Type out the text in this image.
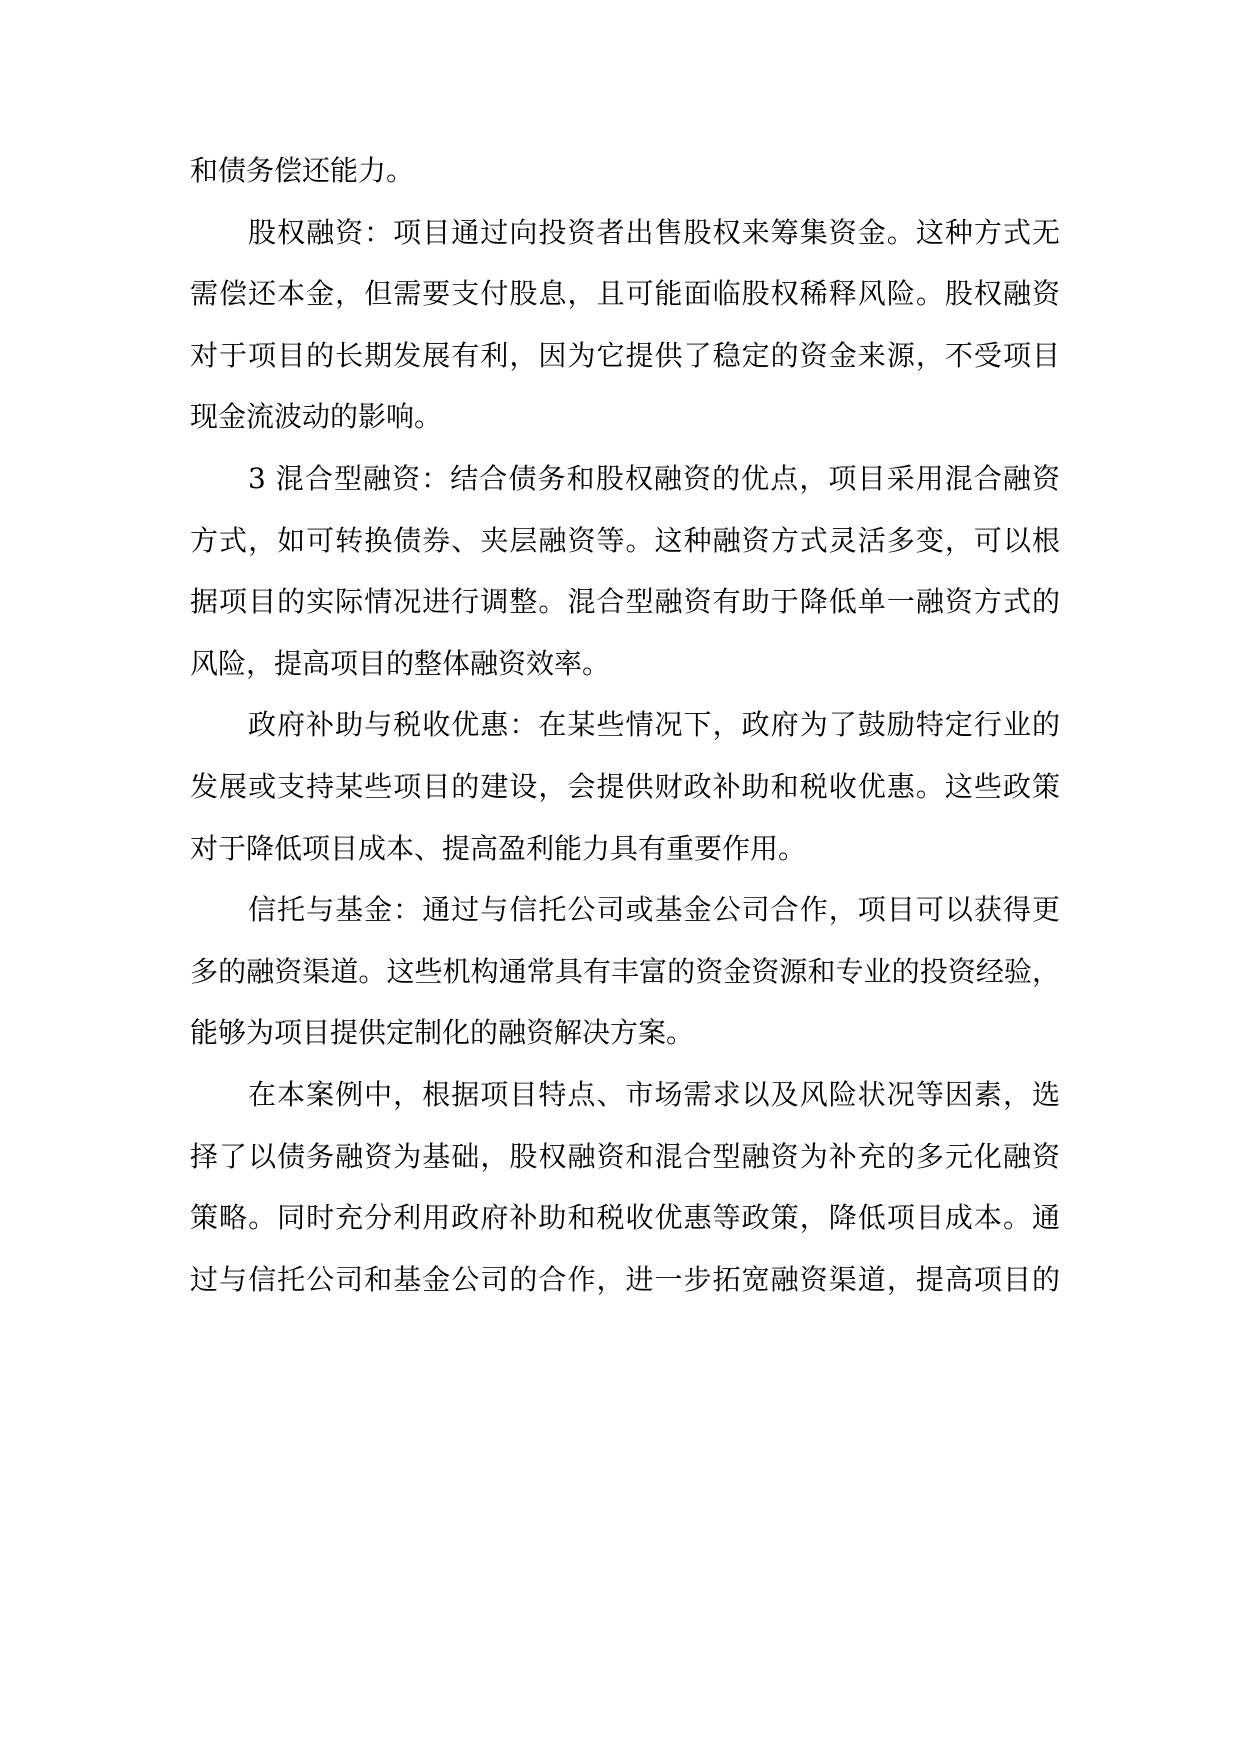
和债务偿还能力。
股权融资：项目通过向投资者出售股权来筹集资金。这种方式无
需偿还本金，但需要支付股息，且可能面临股权稀释风险。股权融资
对于项目的长期发展有利，因为它提供了稳定的资金来源，不受项目
现金流波动的影响。
3 混合型融资：结合债务和股权融资的优点，项目采用混合融资
方式，如可转换债券、夹层融资等。这种融资方式灵活多变，可以根
据项目的实际情况进行调整。混合型融资有助于降低单一融资方式的
风险，提高项目的整体融资效率。
政府补助与税收优惠：在某些情况下，政府为了鼓励特定行业的
发展或支持某些项目的建设，会提供财政补助和税收优惠。这些政策
对于降低项目成本、提高盈利能力具有重要作用。
信托与基金：通过与信托公司或基金公司合作，项目可以获得更
多的融资渠道。这些机构通常具有丰富的资金资源和专业的投资经验，
能够为项目提供定制化的融资解决方案。
在本案例中，根据项目特点、市场需求以及风险状况等因素，选
择了以债务融资为基础，股权融资和混合型融资为补充的多元化融资
策略。同时充分利用政府补助和税收优惠等政策，降低项目成本。通
过与信托公司和基金公司的合作，进一步拓宽融资渠道，提高项目的
